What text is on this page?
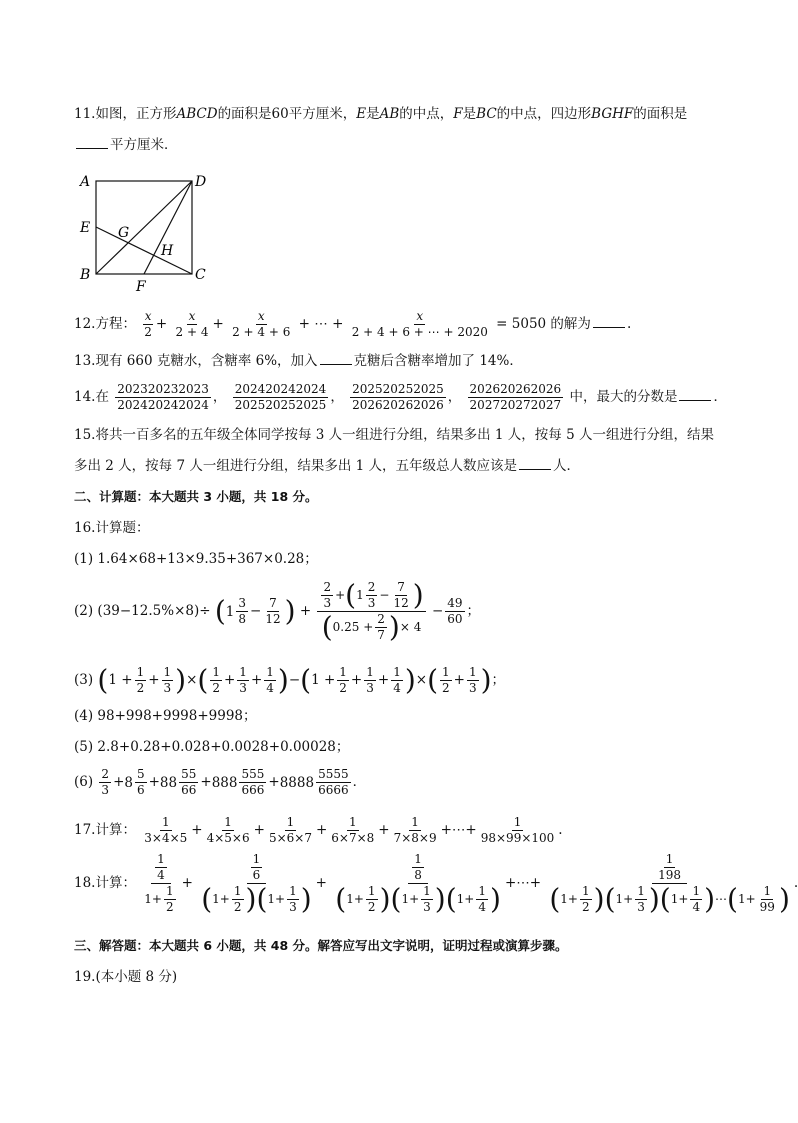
11.如图，正方形ABCD的面积是60平方厘米，E是AB的中点，F是BC的中点，四边形BGHF的面积是
平方厘米．
A	D
E G
H
B	C
F
12.方程： $\frac{x}{2} + \frac{x}{2 + 4} + \frac{x}{2 + 4 + 6}$ + ⋯ + $\frac{x}{2 + 4 + 6 + \cdots + 2020} = 5050$ 的解为	.
13.现有 660 克糖水，含糖率 6%，加入	克糖后含糖率增加了 14%．
14.在 $\frac{202320232023}{202420242024}$ ， $\frac{202420242024}{202520252025}$ ， $\frac{202520252025}{202620262026}$ ， $\frac{202620262026}{202720272027}$ 中，最大的分数是	．
15.将共一百多名的五年级全体同学按每 3 人一组进行分组，结果多出 1 人，按每 5 人一组进行分组，结果
多出 2 人，按每 7 人一组进行分组，结果多出 1 人，五年级总人数应该是	人．
二、计算题：本大题共 3 小题，共 18 分。
16.计算题：
(1) 1.64×68+13×9.35+367×0.28；
(2) (39−12.5%×8)÷ ( $1 \frac{3}{8} - \frac{7}{12}$ ) + $\frac{\frac{2}{3} +(1 \frac{2}{3} - \frac{7}{12} )}{(0.25 + \frac{2}{7} )\times 4} - \frac{49}{60}$ ；
(3) ($1 + \frac{1}{2} + \frac{1}{3}$ )×( $\frac{1}{2} + \frac{1}{3} + \frac{1}{4} )-(1 + \frac{1}{2} + \frac{1}{3} + \frac{1}{4}$ )×( $\frac{1}{2} + \frac{1}{3}$ )；
(4) 98+998+9998+9998；
(5) 2.8+0.28+0.028+0.0028+0.00028；
$(6) \frac{2}{3} + 8 \frac{5}{6} + 88 \frac{55}{66} + 888 \frac{555}{666} + 8888 \frac{5555}{6666}$ ．
17.计算： $\frac{1}{3\times 4\times 5} + \frac{1}{4\times 5\times 6} + \frac{1}{5\times 6\times 7} + \frac{1}{6\times 7\times 8} + \frac{1}{7\times 8\times 9}$ +⋯+ $\frac{1}{98\times 99\times 100}$ .
18.计算： $\frac{\frac{1}{4}}{1+ \frac{1}{2}} + \frac{\frac{1}{6}}{(1+ \frac{1}{2} )(1+ \frac{1}{3} )} + \frac{\frac{1}{8}}{(1+ \frac{1}{2} )(1+ \frac{1}{3} )(1+ \frac{1}{4} )}$ +⋯+ $\frac{\frac{1}{198}}{(1+ \frac{1}{2} )(1+ \frac{1}{3} )(1+ \frac{1}{4} )\cdots(1+ \frac{1}{99} )}$ .
三、解答题：本大题共 6 小题，共 48 分。解答应写出文字说明，证明过程或演算步骤。
19.(本小题 8 分)
